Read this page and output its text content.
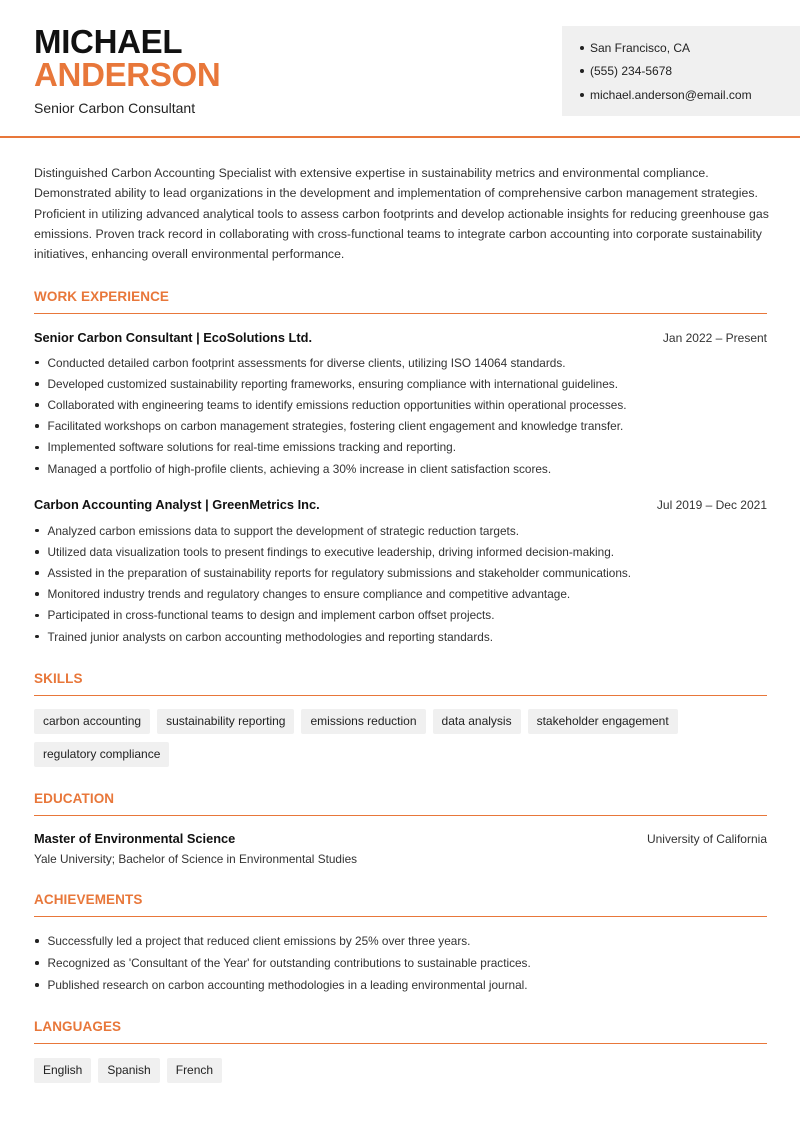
MICHAEL
ANDERSON
Senior Carbon Consultant
San Francisco, CA
(555) 234-5678
michael.anderson@email.com

Distinguished Carbon Accounting Specialist with extensive expertise in sustainability metrics and environmental compliance. Demonstrated ability to lead organizations in the development and implementation of comprehensive carbon management strategies. Proficient in utilizing advanced analytical tools to assess carbon footprints and develop actionable insights for reducing greenhouse gas emissions. Proven track record in collaborating with cross-functional teams to integrate carbon accounting into corporate sustainability initiatives, enhancing overall environmental performance.

WORK EXPERIENCE
Senior Carbon Consultant | EcoSolutions Ltd.	Jan 2022 – Present
Conducted detailed carbon footprint assessments for diverse clients, utilizing ISO 14064 standards.
Developed customized sustainability reporting frameworks, ensuring compliance with international guidelines.
Collaborated with engineering teams to identify emissions reduction opportunities within operational processes.
Facilitated workshops on carbon management strategies, fostering client engagement and knowledge transfer.
Implemented software solutions for real-time emissions tracking and reporting.
Managed a portfolio of high-profile clients, achieving a 30% increase in client satisfaction scores.
Carbon Accounting Analyst | GreenMetrics Inc.	Jul 2019 – Dec 2021
Analyzed carbon emissions data to support the development of strategic reduction targets.
Utilized data visualization tools to present findings to executive leadership, driving informed decision-making.
Assisted in the preparation of sustainability reports for regulatory submissions and stakeholder communications.
Monitored industry trends and regulatory changes to ensure compliance and competitive advantage.
Participated in cross-functional teams to design and implement carbon offset projects.
Trained junior analysts on carbon accounting methodologies and reporting standards.
SKILLS
carbon accounting	sustainability reporting	emissions reduction	data analysis	stakeholder engagement
regulatory compliance
EDUCATION
Master of Environmental Science	University of California
Yale University; Bachelor of Science in Environmental Studies
ACHIEVEMENTS
Successfully led a project that reduced client emissions by 25% over three years.
Recognized as 'Consultant of the Year' for outstanding contributions to sustainable practices.
Published research on carbon accounting methodologies in a leading environmental journal.
LANGUAGES
English	Spanish	French
